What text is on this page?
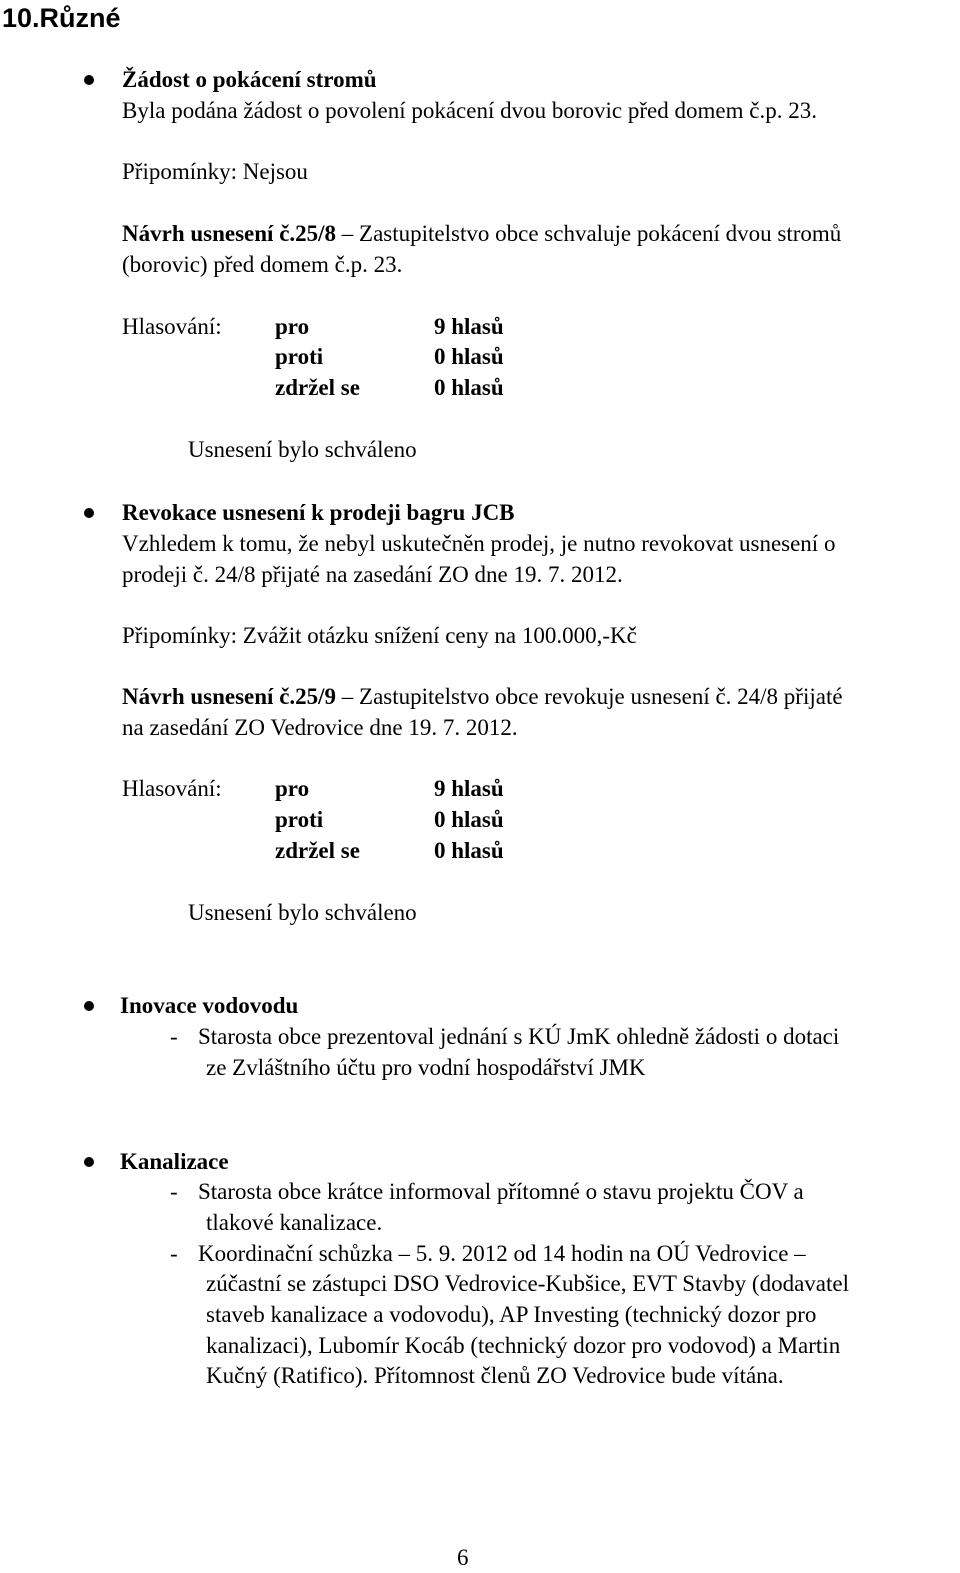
10.Různé
Žádost o pokácení stromů
Byla podána žádost o povolení pokácení dvou borovic před domem č.p. 23.
Připomínky: Nejsou
Návrh usnesení č.25/8 – Zastupitelstvo obce schvaluje pokácení dvou stromů
(borovic) před domem č.p. 23.
Hlasování: pro	9 hlasů
proti	0 hlasů
zdržel se	0 hlasů
Usnesení bylo schváleno
Revokace usnesení k prodeji bagru JCB
Vzhledem k tomu, že nebyl uskutečněn prodej, je nutno revokovat usnesení o
prodeji č. 24/8 přijaté na zasedání ZO dne 19. 7. 2012.
Připomínky: Zvážit otázku snížení ceny na 100.000,-Kč
Návrh usnesení č.25/9 – Zastupitelstvo obce revokuje usnesení č. 24/8 přijaté
na zasedání ZO Vedrovice dne 19. 7. 2012.
Hlasování: pro	9 hlasů
proti	0 hlasů
zdržel se	0 hlasů
Usnesení bylo schváleno
Inovace vodovodu
- Starosta obce prezentoval jednání s KÚ JmK ohledně žádosti o dotaci
ze Zvláštního účtu pro vodní hospodářství JMK
Kanalizace
- Starosta obce krátce informoval přítomné o stavu projektu ČOV a
tlakové kanalizace.
- Koordinační schůzka – 5. 9. 2012 od 14 hodin na OÚ Vedrovice –
zúčastní se zástupci DSO Vedrovice-Kubšice, EVT Stavby (dodavatel
staveb kanalizace a vodovodu), AP Investing (technický dozor pro
kanalizaci), Lubomír Kocáb (technický dozor pro vodovod) a Martin
Kučný (Ratifico). Přítomnost členů ZO Vedrovice bude vítána.
6
